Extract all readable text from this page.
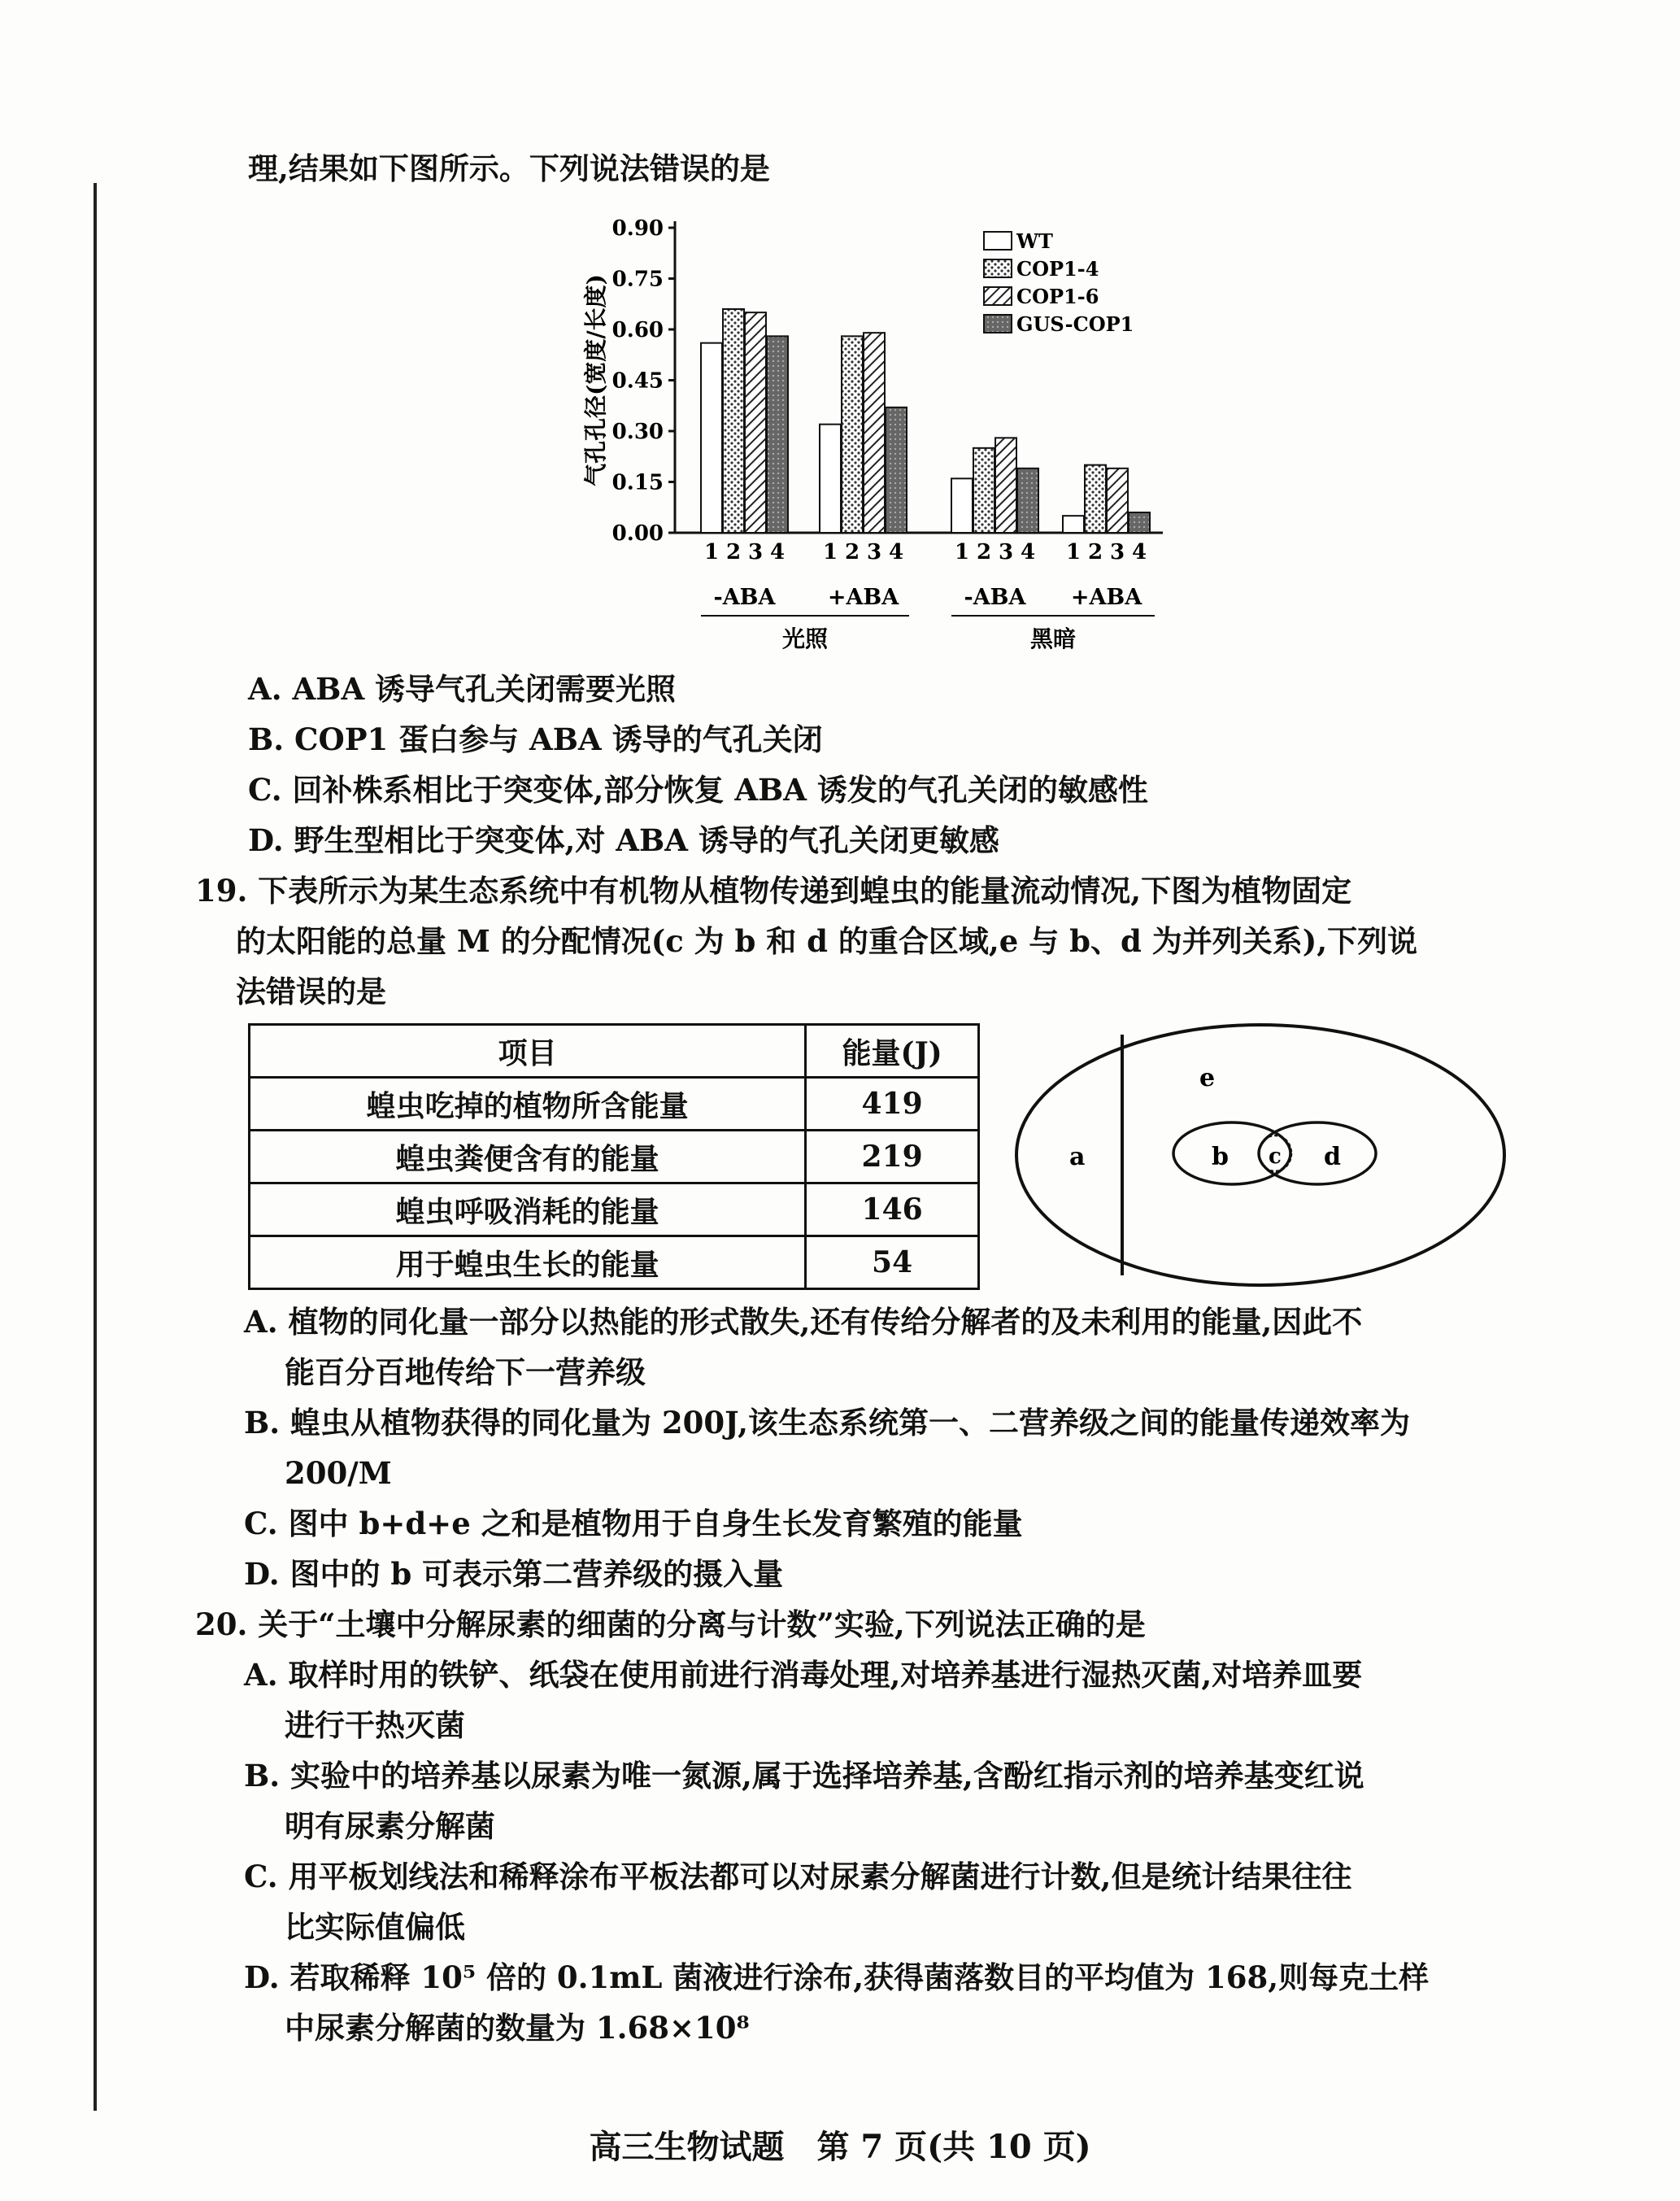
理,结果如下图所示。下列说法错误的是
0.00
0.15
0.30
0.45
0.60
0.75
0.90
气孔孔径(宽度/长度)
1 2 3 4
-ABA
1 2 3 4
+ABA
1 2 3 4
-ABA
1 2 3 4
+ABA
光照	黑暗
WT
COP1-4
COP1-6
GUS-COP1
A. ABA 诱导气孔关闭需要光照
B. COP1 蛋白参与 ABA 诱导的气孔关闭
C. 回补株系相比于突变体,部分恢复 ABA 诱发的气孔关闭的敏感性
D. 野生型相比于突变体,对 ABA 诱导的气孔关闭更敏感
19. 下表所示为某生态系统中有机物从植物传递到蝗虫的能量流动情况,下图为植物固定
的太阳能的总量 M 的分配情况(c 为 b 和 d 的重合区域,e 与 b、d 为并列关系),下列说
法错误的是
项目	能量(J)
蝗虫吃掉的植物所含能量	419
蝗虫粪便含有的能量	219
蝗虫呼吸消耗的能量	146
用于蝗虫生长的能量	54
a	b c d
e
A. 植物的同化量一部分以热能的形式散失,还有传给分解者的及未利用的能量,因此不
能百分百地传给下一营养级
B. 蝗虫从植物获得的同化量为 200J,该生态系统第一、二营养级之间的能量传递效率为
200/M
C. 图中 b+d+e 之和是植物用于自身生长发育繁殖的能量
D. 图中的 b 可表示第二营养级的摄入量
20. 关于“土壤中分解尿素的细菌的分离与计数”实验,下列说法正确的是
A. 取样时用的铁铲、纸袋在使用前进行消毒处理,对培养基进行湿热灭菌,对培养皿要
进行干热灭菌
B. 实验中的培养基以尿素为唯一氮源,属于选择培养基,含酚红指示剂的培养基变红说
明有尿素分解菌
C. 用平板划线法和稀释涂布平板法都可以对尿素分解菌进行计数,但是统计结果往往
比实际值偏低
D. 若取稀释 10⁵ 倍的 0.1mL 菌液进行涂布,获得菌落数目的平均值为 168,则每克土样
中尿素分解菌的数量为 1.68×10⁸
高三生物试题　第 7 页(共 10 页)
